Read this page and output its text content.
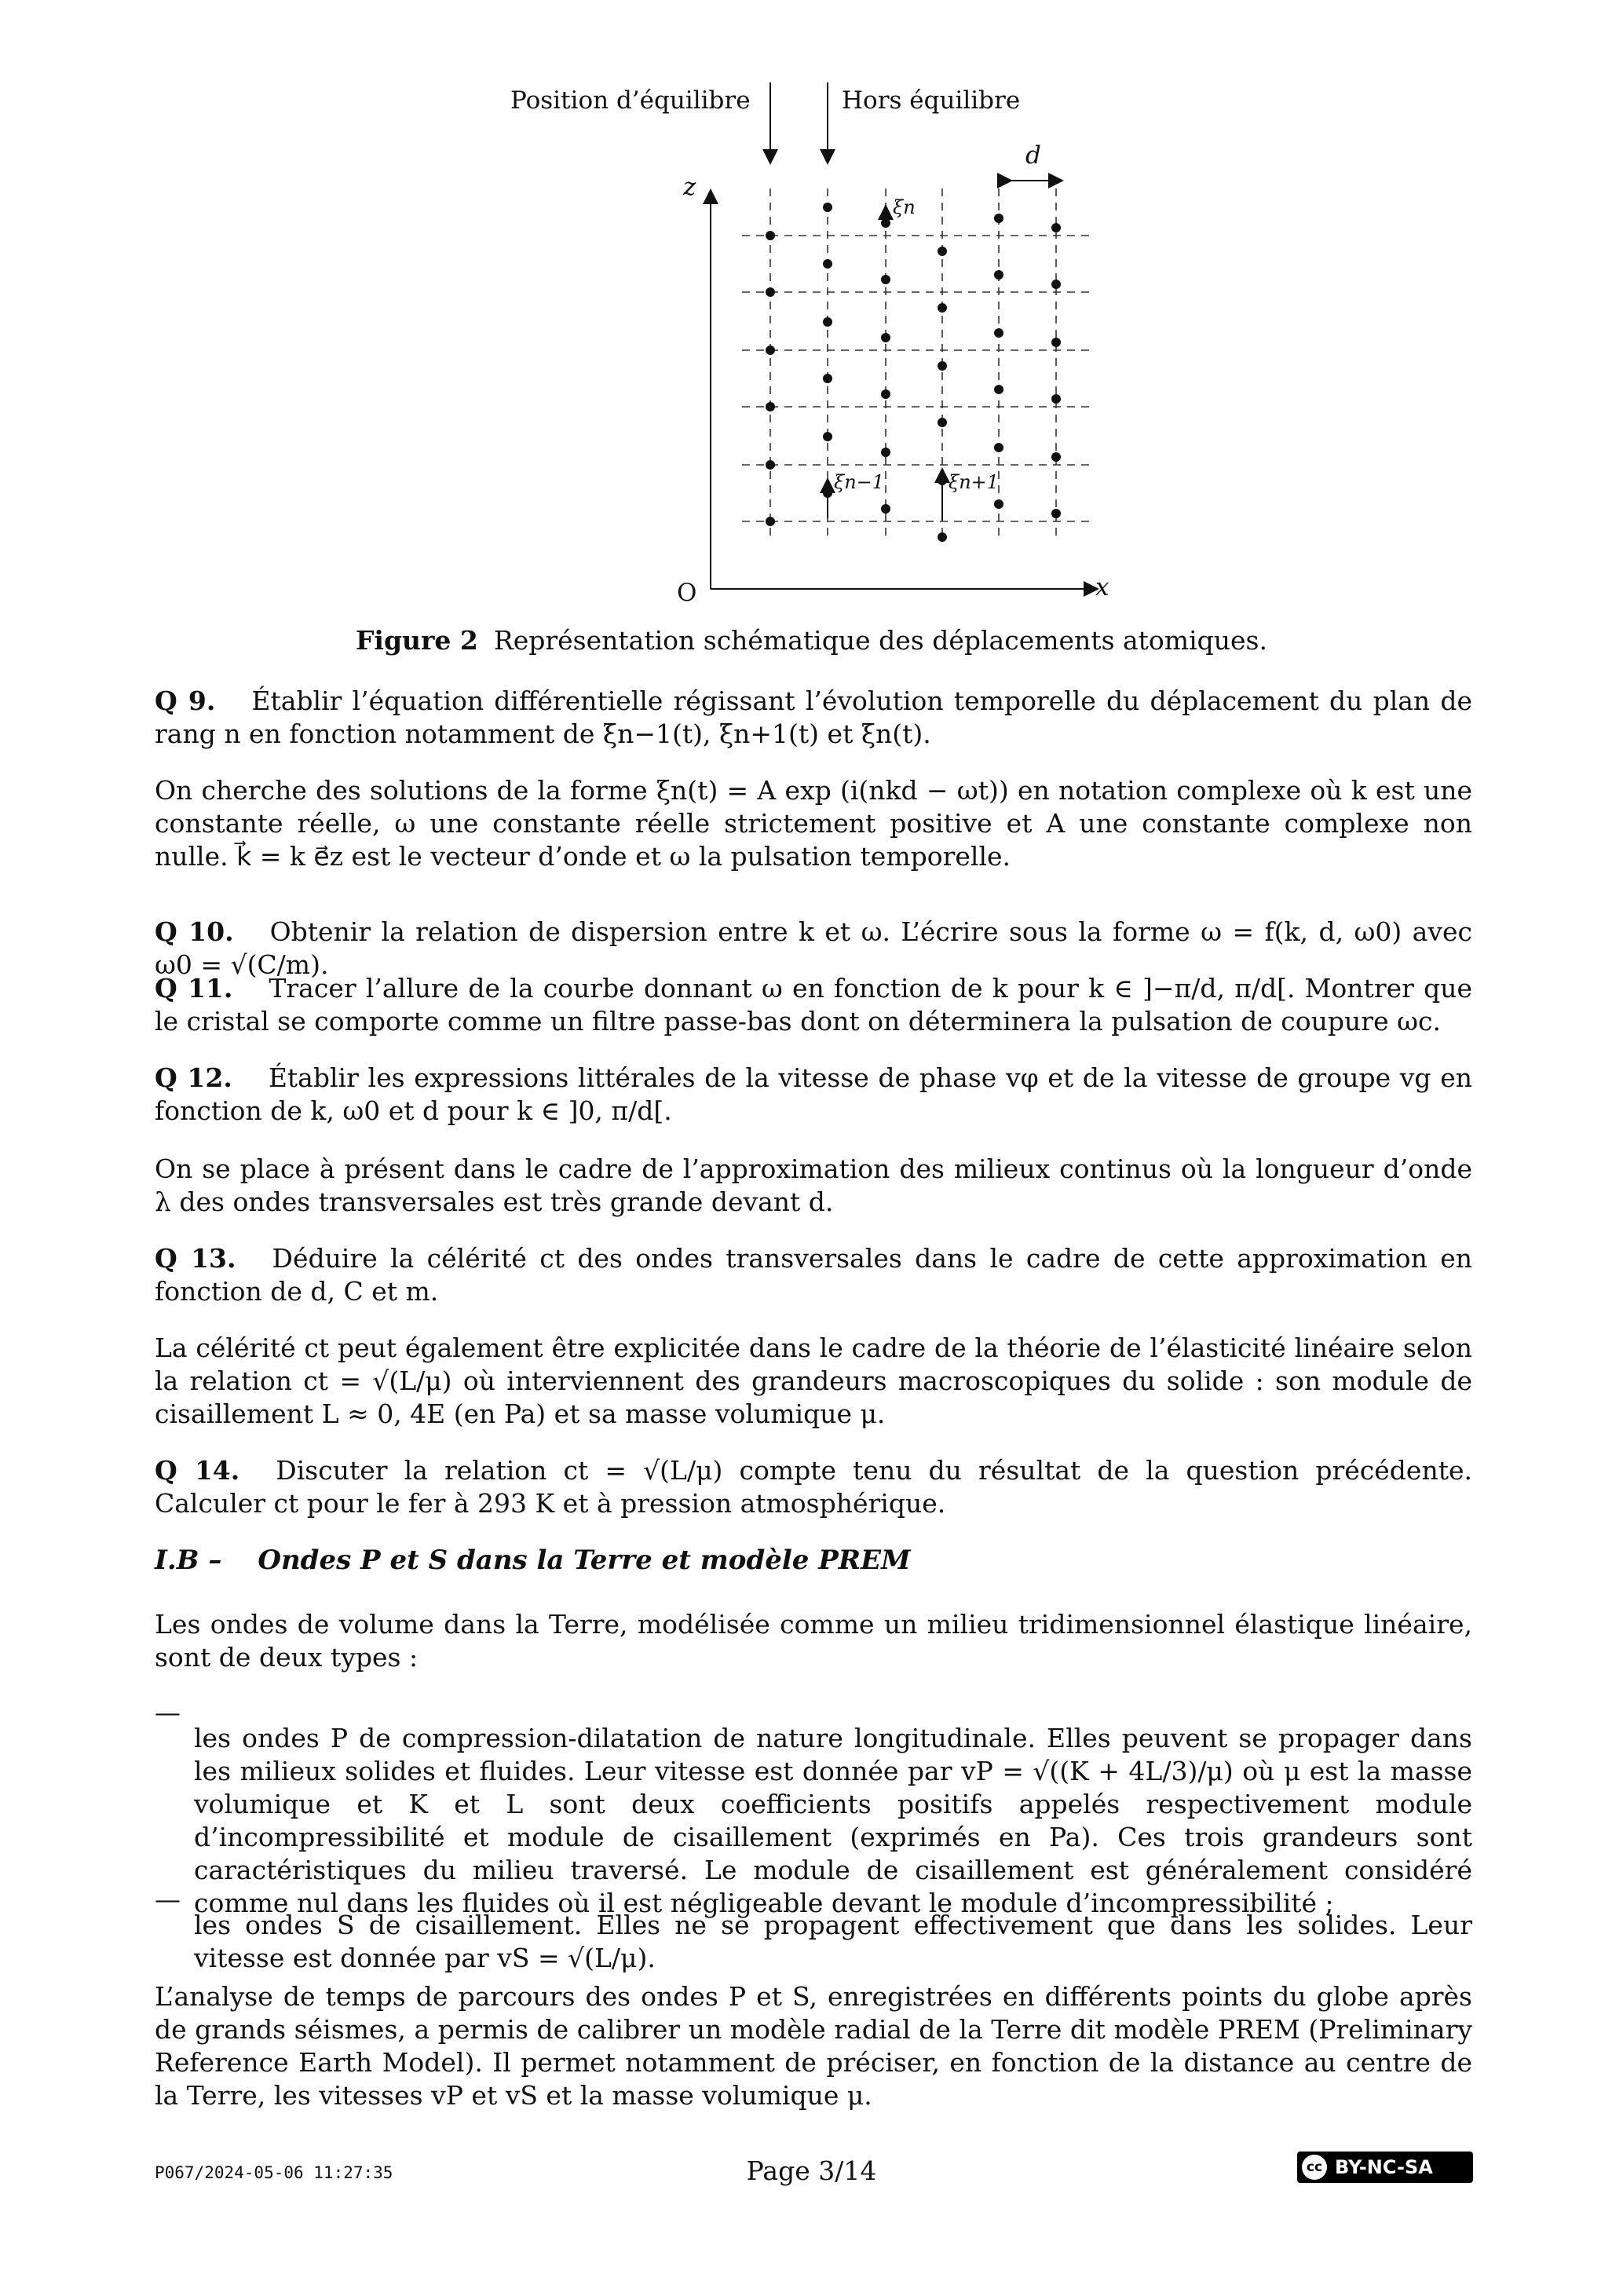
Position d’équilibre	Hors équilibre
d
z
x
O
ξn
ξn−1	ξn+1
Figure 2 Représentation schématique des déplacements atomiques.

Q 9. Établir l’équation différentielle régissant l’évolution temporelle du déplacement du plan de rang n en fonction notamment de ξn−1(t), ξn+1(t) et ξn(t).

On cherche des solutions de la forme ξn(t) = A exp (i(nkd − ωt)) en notation complexe où k est une constante réelle, ω une constante réelle strictement positive et A une constante complexe non nulle. k⃗ = k e⃗z est le vecteur d’onde et ω la pulsation temporelle.

Q 10. Obtenir la relation de dispersion entre k et ω. L’écrire sous la forme ω = f(k, d, ω0) avec ω0 = √(C/m).

Q 11. Tracer l’allure de la courbe donnant ω en fonction de k pour k ∈ ]−π/d, π/d[. Montrer que le cristal se comporte comme un filtre passe-bas dont on déterminera la pulsation de coupure ωc.

Q 12. Établir les expressions littérales de la vitesse de phase vφ et de la vitesse de groupe vg en fonction de k, ω0 et d pour k ∈ ]0, π/d[.

On se place à présent dans le cadre de l’approximation des milieux continus où la longueur d’onde λ des ondes transversales est très grande devant d.

Q 13. Déduire la célérité ct des ondes transversales dans le cadre de cette approximation en fonction de d, C et m.

La célérité ct peut également être explicitée dans le cadre de la théorie de l’élasticité linéaire selon la relation ct = √(L/μ) où interviennent des grandeurs macroscopiques du solide : son module de cisaillement L ≈ 0, 4E (en Pa) et sa masse volumique μ.

Q 14. Discuter la relation ct = √(L/μ) compte tenu du résultat de la question précédente. Calculer ct pour le fer à 293 K et à pression atmosphérique.

I.B – Ondes P et S dans la Terre et modèle PREM

Les ondes de volume dans la Terre, modélisée comme un milieu tridimensionnel élastique linéaire, sont de deux types :

—

les ondes P de compression-dilatation de nature longitudinale. Elles peuvent se propager dans les milieux solides et fluides. Leur vitesse est donnée par vP = √((K + 4L/3)/μ) où μ est la masse volumique et K et L sont deux coefficients positifs appelés respectivement module d’incompressibilité et module de cisaillement (exprimés en Pa). Ces trois grandeurs sont caractéristiques du milieu traversé. Le module de cisaillement est généralement considéré comme nul dans les fluides où il est négligeable devant le module d’incompressibilité ;

—

les ondes S de cisaillement. Elles ne se propagent effectivement que dans les solides. Leur vitesse est donnée par vS = √(L/μ).

L’analyse de temps de parcours des ondes P et S, enregistrées en différents points du globe après de grands séismes, a permis de calibrer un modèle radial de la Terre dit modèle PREM (Preliminary Reference Earth Model). Il permet notamment de préciser, en fonction de la distance au centre de la Terre, les vitesses vP et vS et la masse volumique μ.

P067/2024-05-06 11:27:35	Page 3/14	cc BY-NC-SA
